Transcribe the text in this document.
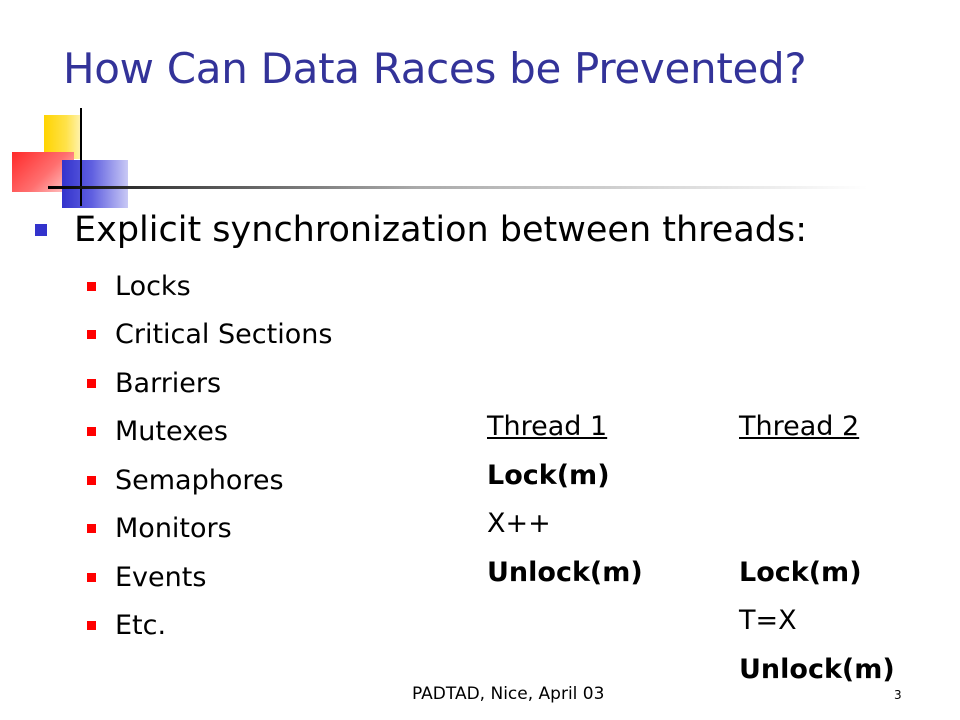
How Can Data Races be Prevented?
Explicit synchronization between threads:
Locks
Critical Sections
Barriers
Mutexes
Semaphores
Monitors
Events
Etc.
Thread 1
Lock(m)
X++
Unlock(m)
Thread 2
Lock(m)
T=X
Unlock(m)
PADTAD, Nice, April 03	3
